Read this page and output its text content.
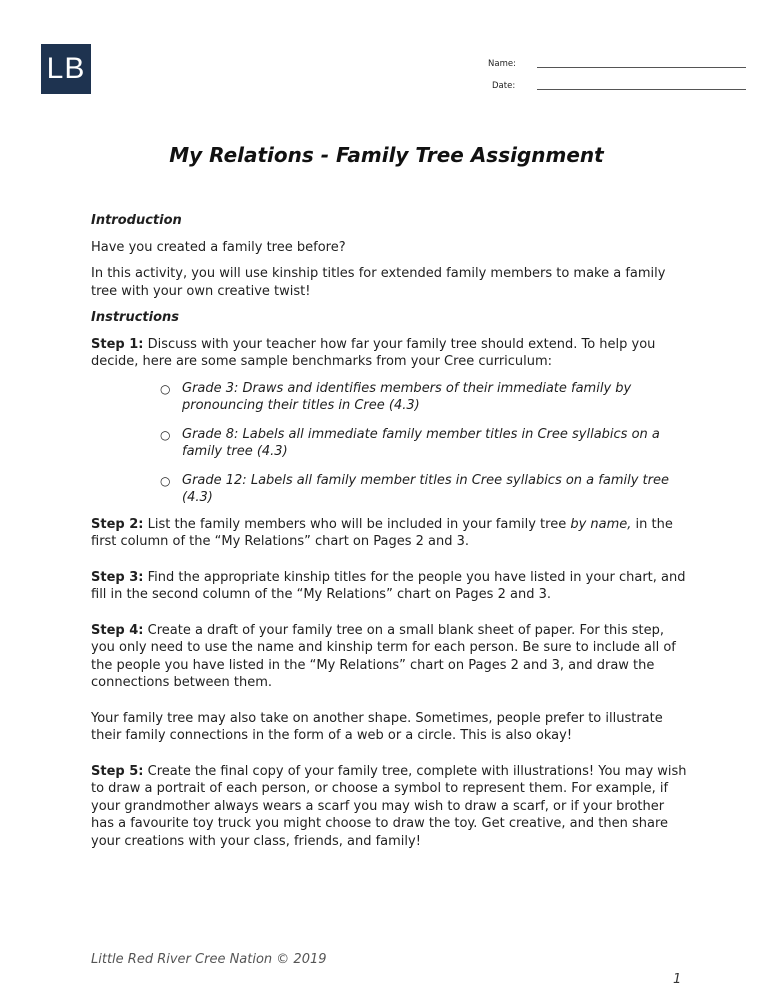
LB	Name:
Date:
My Relations - Family Tree Assignment

Introduction

Have you created a family tree before?

In this activity, you will use kinship titles for extended family members to make a family tree with your own creative twist!

Instructions

Step 1: Discuss with your teacher how far your family tree should extend. To help you decide, here are some sample benchmarks from your Cree curriculum:

○ Grade 3: Draws and identifies members of their immediate family by pronouncing their titles in Cree (4.3)
○ Grade 8: Labels all immediate family member titles in Cree syllabics on a family tree (4.3)
○ Grade 12: Labels all family member titles in Cree syllabics on a family tree (4.3)

Step 2: List the family members who will be included in your family tree by name, in the first column of the “My Relations” chart on Pages 2 and 3.

Step 3: Find the appropriate kinship titles for the people you have listed in your chart, and fill in the second column of the “My Relations” chart on Pages 2 and 3.

Step 4: Create a draft of your family tree on a small blank sheet of paper. For this step, you only need to use the name and kinship term for each person. Be sure to include all of the people you have listed in the “My Relations” chart on Pages 2 and 3, and draw the connections between them.

Your family tree may also take on another shape. Sometimes, people prefer to illustrate their family connections in the form of a web or a circle. This is also okay!

Step 5: Create the final copy of your family tree, complete with illustrations! You may wish to draw a portrait of each person, or choose a symbol to represent them. For example, if your grandmother always wears a scarf you may wish to draw a scarf, or if your brother has a favourite toy truck you might choose to draw the toy. Get creative, and then share your creations with your class, friends, and family!

Little Red River Cree Nation © 2019
1
